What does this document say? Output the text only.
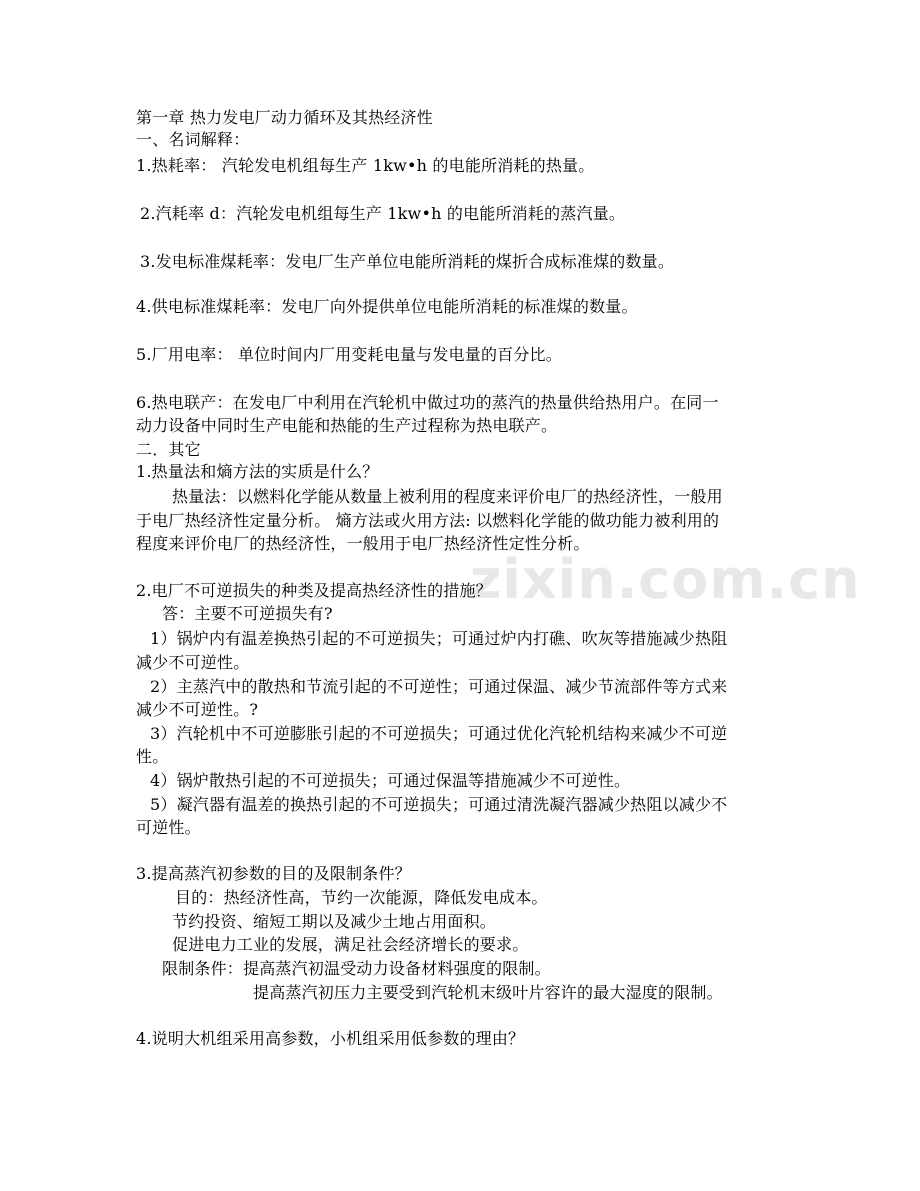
zixin.com.cn
第一章 热力发电厂动力循环及其热经济性
一、名词解释：
1.热耗率： 汽轮发电机组每生产 1kw•h 的电能所消耗的热量。
2.汽耗率 d：汽轮发电机组每生产 1kw•h 的电能所消耗的蒸汽量。
3.发电标准煤耗率：发电厂生产单位电能所消耗的煤折合成标准煤的数量。
4.供电标准煤耗率：发电厂向外提供单位电能所消耗的标准煤的数量。
5.厂用电率： 单位时间内厂用变耗电量与发电量的百分比。
6.热电联产：在发电厂中利用在汽轮机中做过功的蒸汽的热量供给热用户。在同一
动力设备中同时生产电能和热能的生产过程称为热电联产。
二．其它
1.热量法和熵方法的实质是什么？
热量法：以燃料化学能从数量上被利用的程度来评价电厂的热经济性，一般用
于电厂热经济性定量分析。 熵方法或火用方法: 以燃料化学能的做功能力被利用的
程度来评价电厂的热经济性，一般用于电厂热经济性定性分析。
2.电厂不可逆损失的种类及提高热经济性的措施？
答：主要不可逆损失有?
1）锅炉内有温差换热引起的不可逆损失；可通过炉内打礁、吹灰等措施减少热阻
减少不可逆性。
2）主蒸汽中的散热和节流引起的不可逆性；可通过保温、减少节流部件等方式来
减少不可逆性。?
3）汽轮机中不可逆膨胀引起的不可逆损失；可通过优化汽轮机结构来减少不可逆
性。
4）锅炉散热引起的不可逆损失；可通过保温等措施减少不可逆性。
5）凝汽器有温差的换热引起的不可逆损失；可通过清洗凝汽器减少热阻以减少不
可逆性。
3.提高蒸汽初参数的目的及限制条件？
目的：热经济性高，节约一次能源，降低发电成本。
节约投资、缩短工期以及减少土地占用面积。
促进电力工业的发展，满足社会经济增长的要求。
限制条件：提高蒸汽初温受动力设备材料强度的限制。
提高蒸汽初压力主要受到汽轮机末级叶片容许的最大湿度的限制。
4.说明大机组采用高参数，小机组采用低参数的理由？
